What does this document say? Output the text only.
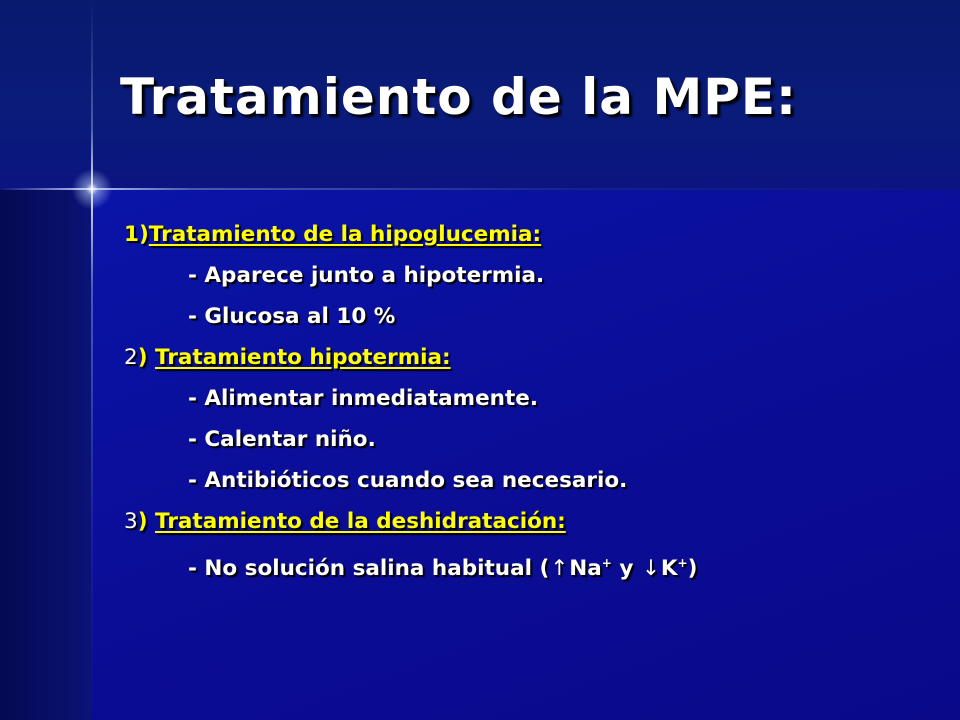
Tratamiento de la MPE:
1)Tratamiento de la hipoglucemia:
- Aparece junto a hipotermia.
- Glucosa al 10 %
2) Tratamiento hipotermia:
- Alimentar inmediatamente.
- Calentar niño.
- Antibióticos cuando sea necesario.
3) Tratamiento de la deshidratación:
- No solución salina habitual (↑Na+ y ↓K+)
